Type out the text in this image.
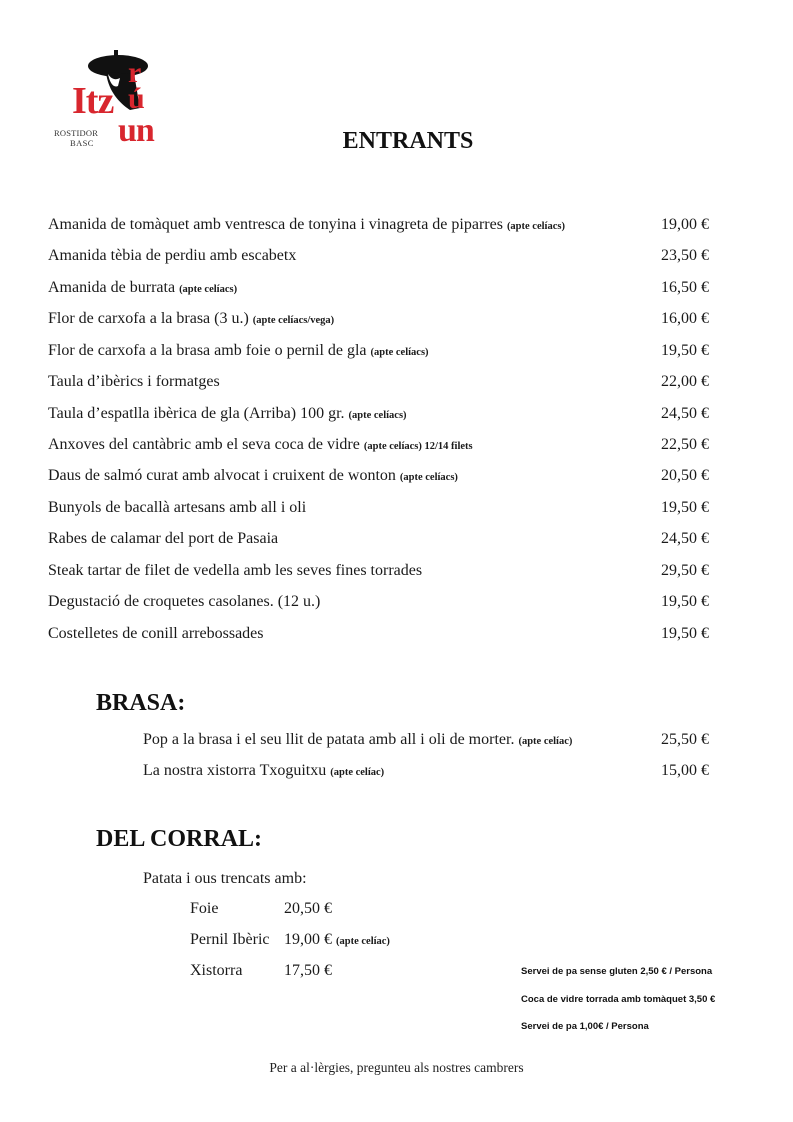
Itz
r
ú
un
ROSTIDOR
BASC	ENTRANTS
Amanida de tomàquet amb ventresca de tonyina i vinagreta de piparres (apte celíacs)	19,00 €
Amanida tèbia de perdiu amb escabetx	23,50 €
Amanida de burrata (apte celíacs)	16,50 €
Flor de carxofa a la brasa (3 u.) (apte celíacs/vega)	16,00 €
Flor de carxofa a la brasa amb foie o pernil de gla (apte celíacs)	19,50 €
Taula d’ibèrics i formatges	22,00 €
Taula d’espatlla ibèrica de gla (Arriba) 100 gr. (apte celíacs)	24,50 €
Anxoves del cantàbric amb el seva coca de vidre (apte celíacs) 12/14 filets	22,50 €
Daus de salmó curat amb alvocat i cruixent de wonton (apte celíacs)	20,50 €
Bunyols de bacallà artesans amb all i oli	19,50 €
Rabes de calamar del port de Pasaia	24,50 €
Steak tartar de filet de vedella amb les seves fines torrades	29,50 €
Degustació de croquetes casolanes. (12 u.)	19,50 €
Costelletes de conill arrebossades	19,50 €
BRASA:
Pop a la brasa i el seu llit de patata amb all i oli de morter. (apte celíac)	25,50 €
La nostra xistorra Txoguitxu (apte celíac)	15,00 €
DEL CORRAL:
Patata i ous trencats amb:
Foie	20,50 €
Pernil Ibèric 19,00 € (apte celíac)
Xistorra	17,50 €	Servei de pa sense gluten 2,50 € / Persona
Coca de vidre torrada amb tomàquet 3,50 €
Servei de pa 1,00€ / Persona
Per a al·lèrgies, pregunteu als nostres cambrers
